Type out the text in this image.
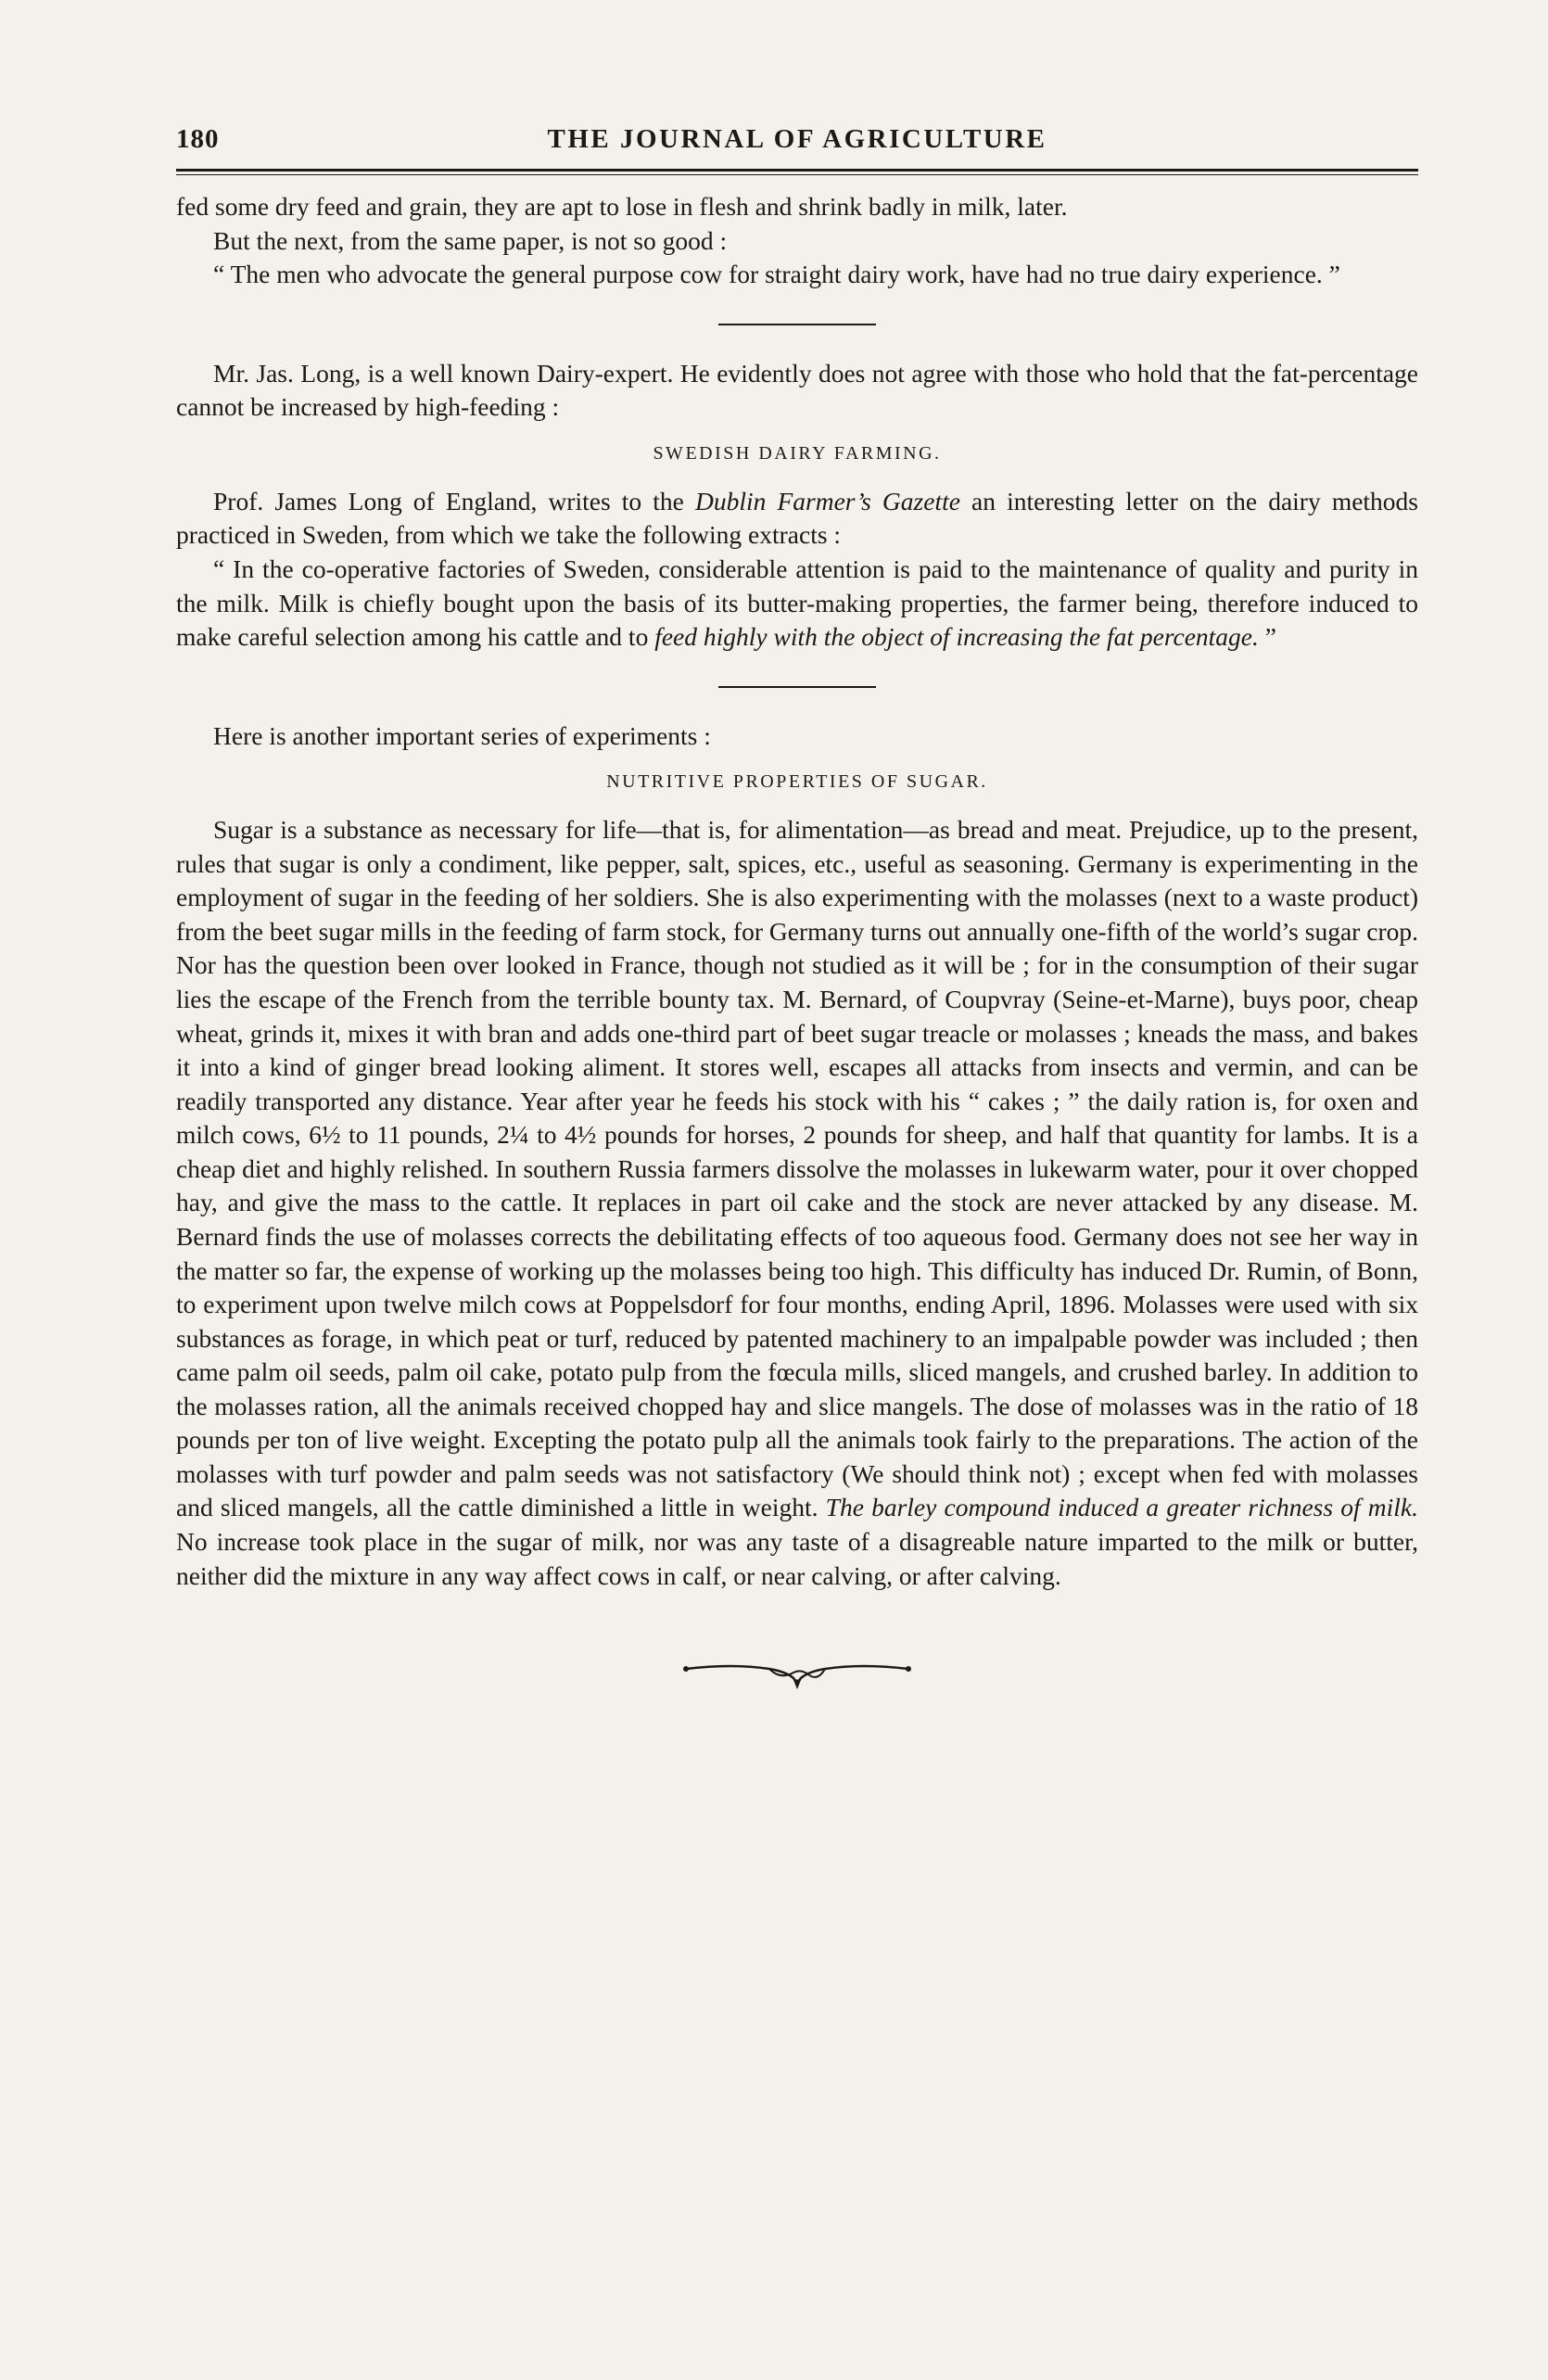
180	THE JOURNAL OF AGRICULTURE

fed some dry feed and grain, they are apt to lose in flesh and shrink badly in milk, later.

But the next, from the same paper, is not so good :

“ The men who advocate the general purpose cow for straight dairy work, have had no true dairy experience. ”

Mr. Jas. Long, is a well known Dairy-expert. He evidently does not agree with those who hold that the fat-percentage cannot be increased by high-feeding :

SWEDISH DAIRY FARMING.

Prof. James Long of England, writes to the Dublin Farmer’s Gazette an interesting letter on the dairy methods practiced in Sweden, from which we take the following extracts :

“ In the co-operative factories of Sweden, considerable attention is paid to the maintenance of quality and purity in the milk. Milk is chiefly bought upon the basis of its butter-making properties, the farmer being, therefore induced to make careful selection among his cattle and to feed highly with the object of increasing the fat percentage. ”

Here is another important series of experiments :

NUTRITIVE PROPERTIES OF SUGAR.

Sugar is a substance as necessary for life—that is, for alimentation—as bread and meat. Prejudice, up to the present, rules that sugar is only a condiment, like pepper, salt, spices, etc., useful as seasoning. Germany is experimenting in the employment of sugar in the feeding of her soldiers. She is also experimenting with the molasses (next to a waste product) from the beet sugar mills in the feeding of farm stock, for Germany turns out annually one-fifth of the world’s sugar crop. Nor has the question been over looked in France, though not studied as it will be ; for in the consumption of their sugar lies the escape of the French from the terrible bounty tax. M. Bernard, of Coupvray (Seine-et-Marne), buys poor, cheap wheat, grinds it, mixes it with bran and adds one-third part of beet sugar treacle or molasses ; kneads the mass, and bakes it into a kind of ginger bread looking aliment. It stores well, escapes all attacks from insects and vermin, and can be readily transported any distance. Year after year he feeds his stock with his “ cakes ; ” the daily ration is, for oxen and milch cows, 6½ to 11 pounds, 2¼ to 4½ pounds for horses, 2 pounds for sheep, and half that quantity for lambs. It is a cheap diet and highly relished. In southern Russia farmers dissolve the molasses in lukewarm water, pour it over chopped hay, and give the mass to the cattle. It replaces in part oil cake and the stock are never attacked by any disease. M. Bernard finds the use of molasses corrects the debilitating effects of too aqueous food. Germany does not see her way in the matter so far, the expense of working up the molasses being too high. This difficulty has induced Dr. Rumin, of Bonn, to experiment upon twelve milch cows at Poppelsdorf for four months, ending April, 1896. Molasses were used with six substances as forage, in which peat or turf, reduced by patented machinery to an impalpable powder was included ; then came palm oil seeds, palm oil cake, potato pulp from the fœcula mills, sliced mangels, and crushed barley. In addition to the molasses ration, all the animals received chopped hay and slice mangels. The dose of molasses was in the ratio of 18 pounds per ton of live weight. Excepting the potato pulp all the animals took fairly to the preparations. The action of the molasses with turf powder and palm seeds was not satisfactory (We should think not) ; except when fed with molasses and sliced mangels, all the cattle diminished a little in weight. The barley compound induced a greater richness of milk. No increase took place in the sugar of milk, nor was any taste of a disagreable nature imparted to the milk or butter, neither did the mixture in any way affect cows in calf, or near calving, or after calving.
